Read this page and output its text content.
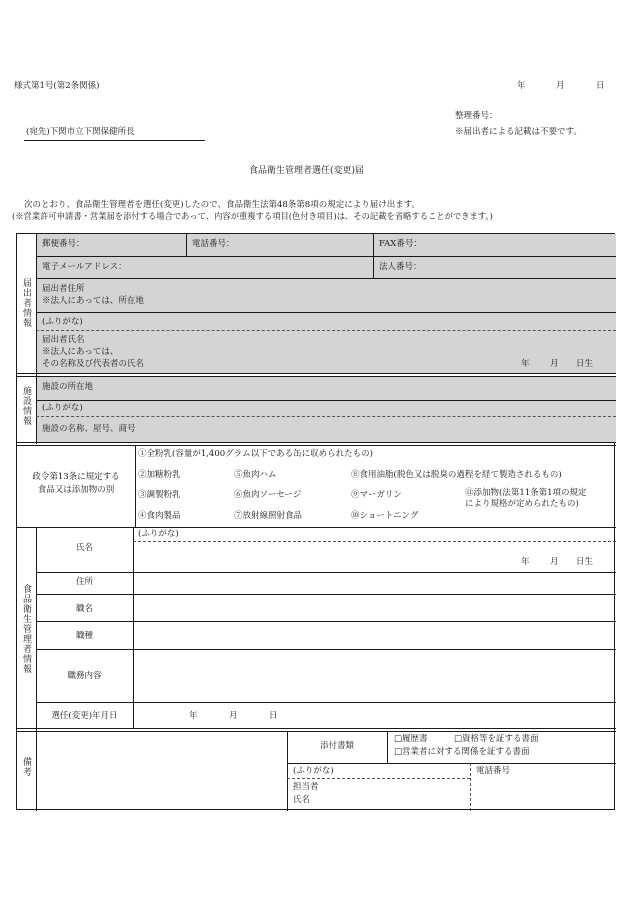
様式第1号(第2条関係)	年	月	日
整理番号：
※届出者による記載は不要です。
(宛先)下関市立下関保健所長
食品衛生管理者選任(変更)届
次のとおり、食品衛生管理者を選任(変更)したので、食品衛生法第48条第8項の規定により届け出ます。
(※営業許可申請書・営業届を添付する場合であって、内容が重複する項目(色付き項目)は、その記載を省略することができます。)
届出者情報
施設情報
食品衛生管理者情報
備考
郵便番号：	電話番号：	FAX番号：
電子メールアドレス：	法人番号：
届出者住所
※法人にあっては、所在地
(ふりがな)
届出者氏名
※法人にあっては、
その名称及び代表者の氏名	年 月 日生
施設の所在地
(ふりがな)
施設の名称、屋号、商号
政令第13条に規定する
食品又は添加物の別
①全粉乳(容量が1,400グラム以下である缶に収められたもの)
②加糖粉乳
③調製粉乳
④食肉製品
⑤魚肉ハム
⑥魚肉ソーセージ
⑦放射線照射食品
⑧食用油脂(脱色又は脱臭の過程を経て製造されるもの)
⑨マーガリン
⑩ショートニング
⑪添加物(法第11条第1項の規定
により規格が定められたもの)
氏名
(ふりがな)
年 月 日生
住所
職名
職種
職務内容
選任(変更)年月日	年	月	日
添付書類
□履歴書	□資格等を証する書面
□営業者に対する関係を証する書面
(ふりがな)	電話番号
担当者
氏名
